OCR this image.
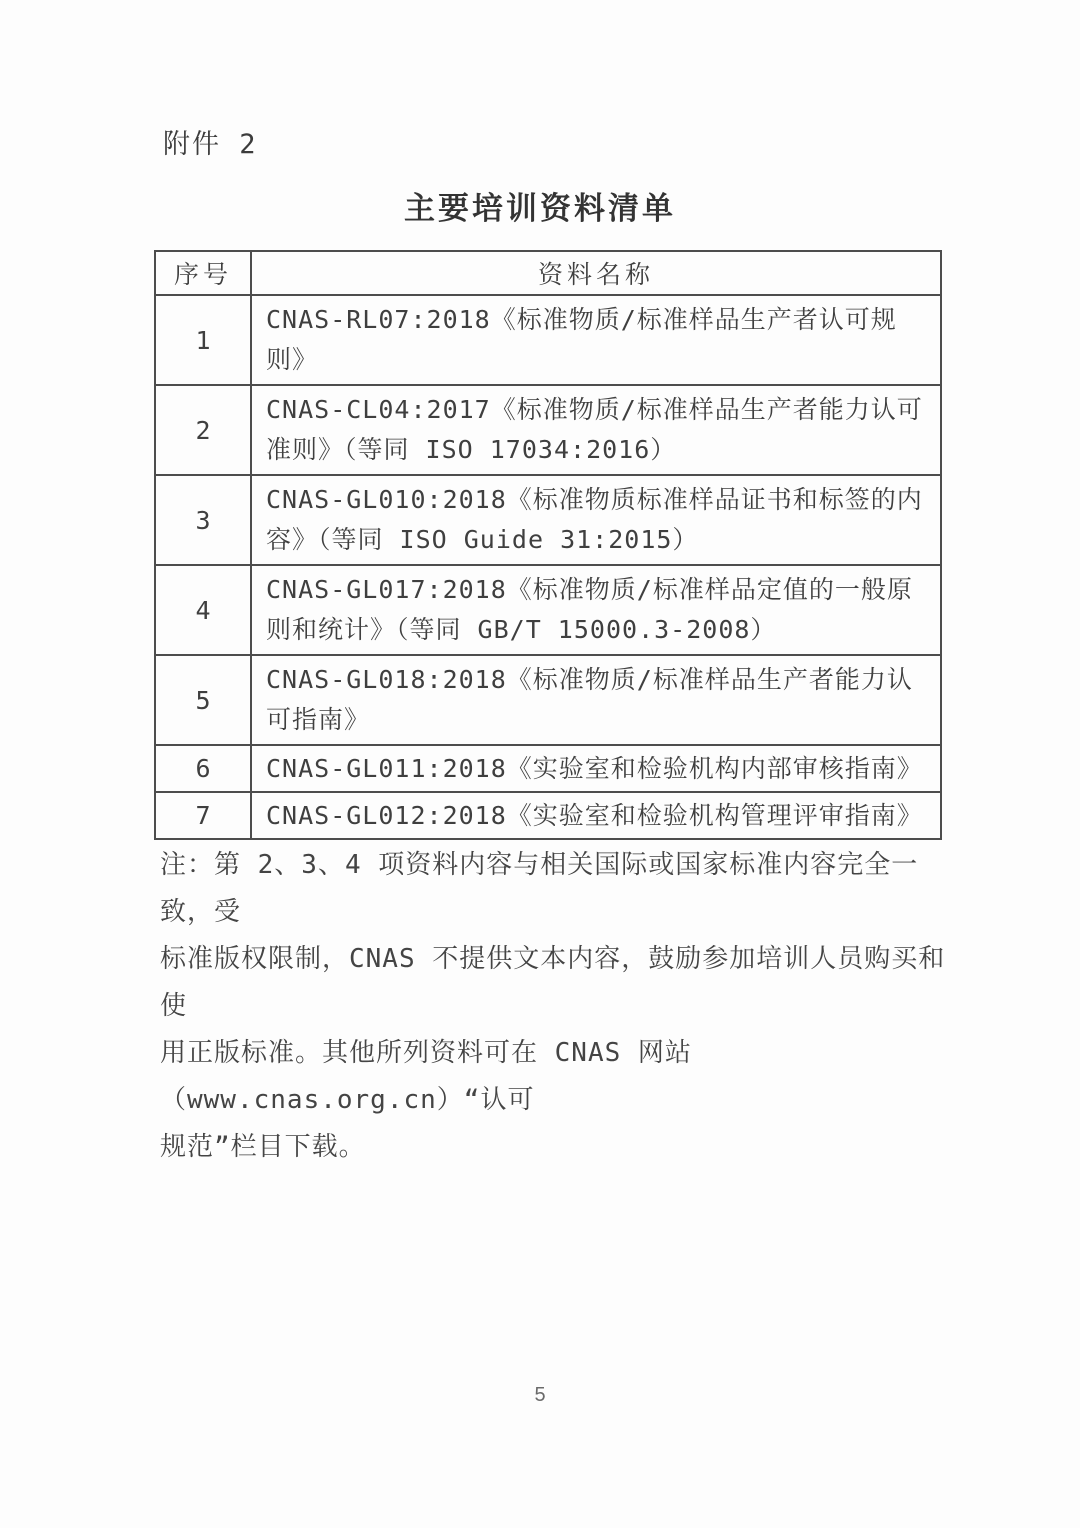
附件 2
主要培训资料清单
序号	资料名称
1	CNAS-RL07:2018《标准物质/标准样品生产者认可规则》
2	CNAS-CL04:2017《标准物质/标准样品生产者能力认可准则》（等同 ISO 17034:2016）
3	CNAS-GL010:2018《标准物质标准样品证书和标签的内容》（等同 ISO Guide 31:2015）
4	CNAS-GL017:2018《标准物质/标准样品定值的一般原则和统计》（等同 GB/T 15000.3-2008）
5	CNAS-GL018:2018《标准物质/标准样品生产者能力认可指南》
6	CNAS-GL011:2018《实验室和检验机构内部审核指南》
7	CNAS-GL012:2018《实验室和检验机构管理评审指南》
注：第 2、3、4 项资料内容与相关国际或国家标准内容完全一致，受
标准版权限制，CNAS 不提供文本内容，鼓励参加培训人员购买和使
用正版标准。其他所列资料可在 CNAS 网站（www.cnas.org.cn）“认可
规范”栏目下载。
5
